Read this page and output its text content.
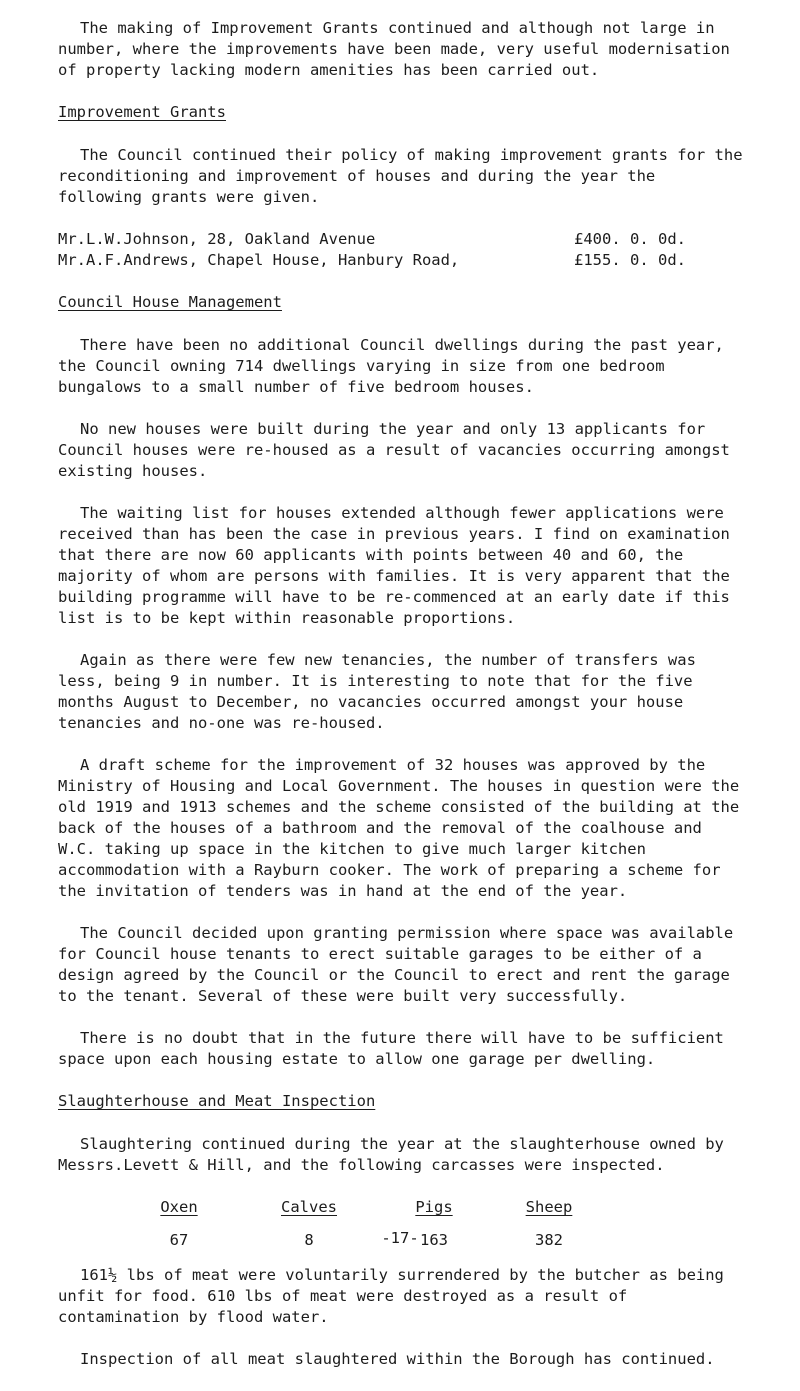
The making of Improvement Grants continued and although not large in number, where the improvements have been made, very useful modernisation of property lacking modern amenities has been carried out.

Improvement Grants

The Council continued their policy of making improvement grants for the reconditioning and improvement of houses and during the year the following grants were given.

Mr.L.W.Johnson, 28, Oakland Avenue	£400. 0. 0d.
Mr.A.F.Andrews, Chapel House, Hanbury Road,	£155. 0. 0d.
Council House Management

There have been no additional Council dwellings during the past year, the Council owning 714 dwellings varying in size from one bedroom bungalows to a small number of five bedroom houses.

No new houses were built during the year and only 13 applicants for Council houses were re-housed as a result of vacancies occurring amongst existing houses.

The waiting list for houses extended although fewer applications were received than has been the case in previous years. I find on examination that there are now 60 applicants with points between 40 and 60, the majority of whom are persons with families. It is very apparent that the building programme will have to be re-commenced at an early date if this list is to be kept within reasonable proportions.

Again as there were few new tenancies, the number of transfers was less, being 9 in number. It is interesting to note that for the five months August to December, no vacancies occurred amongst your house tenancies and no-one was re-housed.

A draft scheme for the improvement of 32 houses was approved by the Ministry of Housing and Local Government. The houses in question were the old 1919 and 1913 schemes and the scheme consisted of the building at the back of the houses of a bathroom and the removal of the coalhouse and W.C. taking up space in the kitchen to give much larger kitchen accommodation with a Rayburn cooker. The work of preparing a scheme for the invitation of tenders was in hand at the end of the year.

The Council decided upon granting permission where space was available for Council house tenants to erect suitable garages to be either of a design agreed by the Council or the Council to erect and rent the garage to the tenant. Several of these were built very successfully.

There is no doubt that in the future there will have to be sufficient space upon each housing estate to allow one garage per dwelling.

Slaughterhouse and Meat Inspection

Slaughtering continued during the year at the slaughterhouse owned by Messrs.Levett & Hill, and the following carcasses were inspected.

Oxen	Calves	Pigs	Sheep
67	8	163	382

161½ lbs of meat were voluntarily surrendered by the butcher as being unfit for food. 610 lbs of meat were destroyed as a result of contamination by flood water.

Inspection of all meat slaughtered within the Borough has continued.

-17-
